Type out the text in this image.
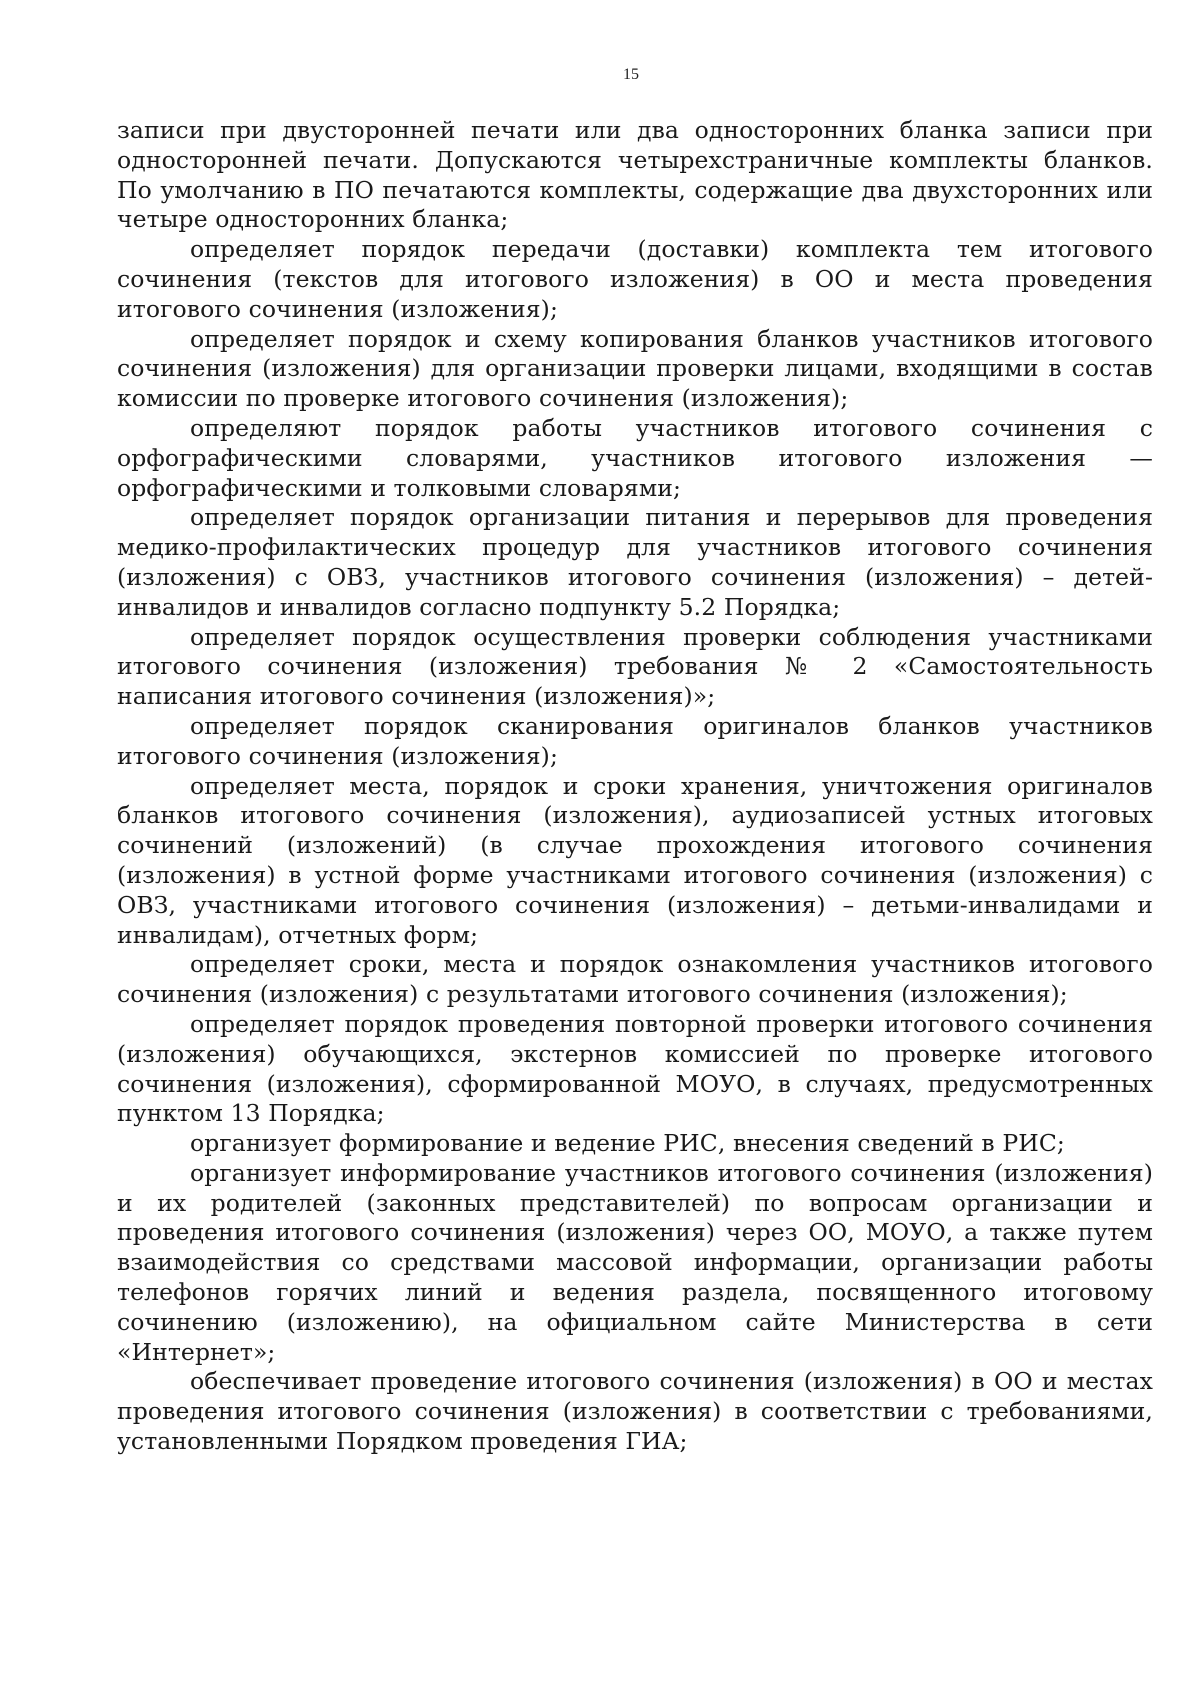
15

записи при двусторонней печати или два односторонних бланка записи при односторонней печати. Допускаются четырехстраничные комплекты бланков. По умолчанию в ПО печатаются комплекты, содержащие два двухсторонних или четыре односторонних бланка;

определяет порядок передачи (доставки) комплекта тем итогового сочинения (текстов для итогового изложения) в ОО и места проведения итогового сочинения (изложения);

определяет порядок и схему копирования бланков участников итогового сочинения (изложения) для организации проверки лицами, входящими в состав комиссии по проверке итогового сочинения (изложения);

определяют порядок работы участников итогового сочинения с орфографическими словарями, участников итогового изложения — орфографическими и толковыми словарями;

определяет порядок организации питания и перерывов для проведения медико-профилактических процедур для участников итогового сочинения (изложения) с ОВЗ, участников итогового сочинения (изложения) – детей-инвалидов и инвалидов согласно подпункту 5.2 Порядка;

определяет порядок осуществления проверки соблюдения участниками итогового сочинения (изложения) требования № 2 «Самостоятельность написания итогового сочинения (изложения)»;

определяет порядок сканирования оригиналов бланков участников итогового сочинения (изложения);

определяет места, порядок и сроки хранения, уничтожения оригиналов бланков итогового сочинения (изложения), аудиозаписей устных итоговых сочинений (изложений) (в случае прохождения итогового сочинения (изложения) в устной форме участниками итогового сочинения (изложения) с ОВЗ, участниками итогового сочинения (изложения) – детьми-инвалидами и инвалидам), отчетных форм;

определяет сроки, места и порядок ознакомления участников итогового сочинения (изложения) с результатами итогового сочинения (изложения);

определяет порядок проведения повторной проверки итогового сочинения (изложения) обучающихся, экстернов комиссией по проверке итогового сочинения (изложения), сформированной МОУО, в случаях, предусмотренных пунктом 13 Порядка;

организует формирование и ведение РИС, внесения сведений в РИС;

организует информирование участников итогового сочинения (изложения) и их родителей (законных представителей) по вопросам организации и проведения итогового сочинения (изложения) через ОО, МОУО, а также путем взаимодействия со средствами массовой информации, организации работы телефонов горячих линий и ведения раздела, посвященного итоговому сочинению (изложению), на официальном сайте Министерства в сети «Интернет»;

обеспечивает проведение итогового сочинения (изложения) в ОО и местах проведения итогового сочинения (изложения) в соответствии с требованиями, установленными Порядком проведения ГИА;
